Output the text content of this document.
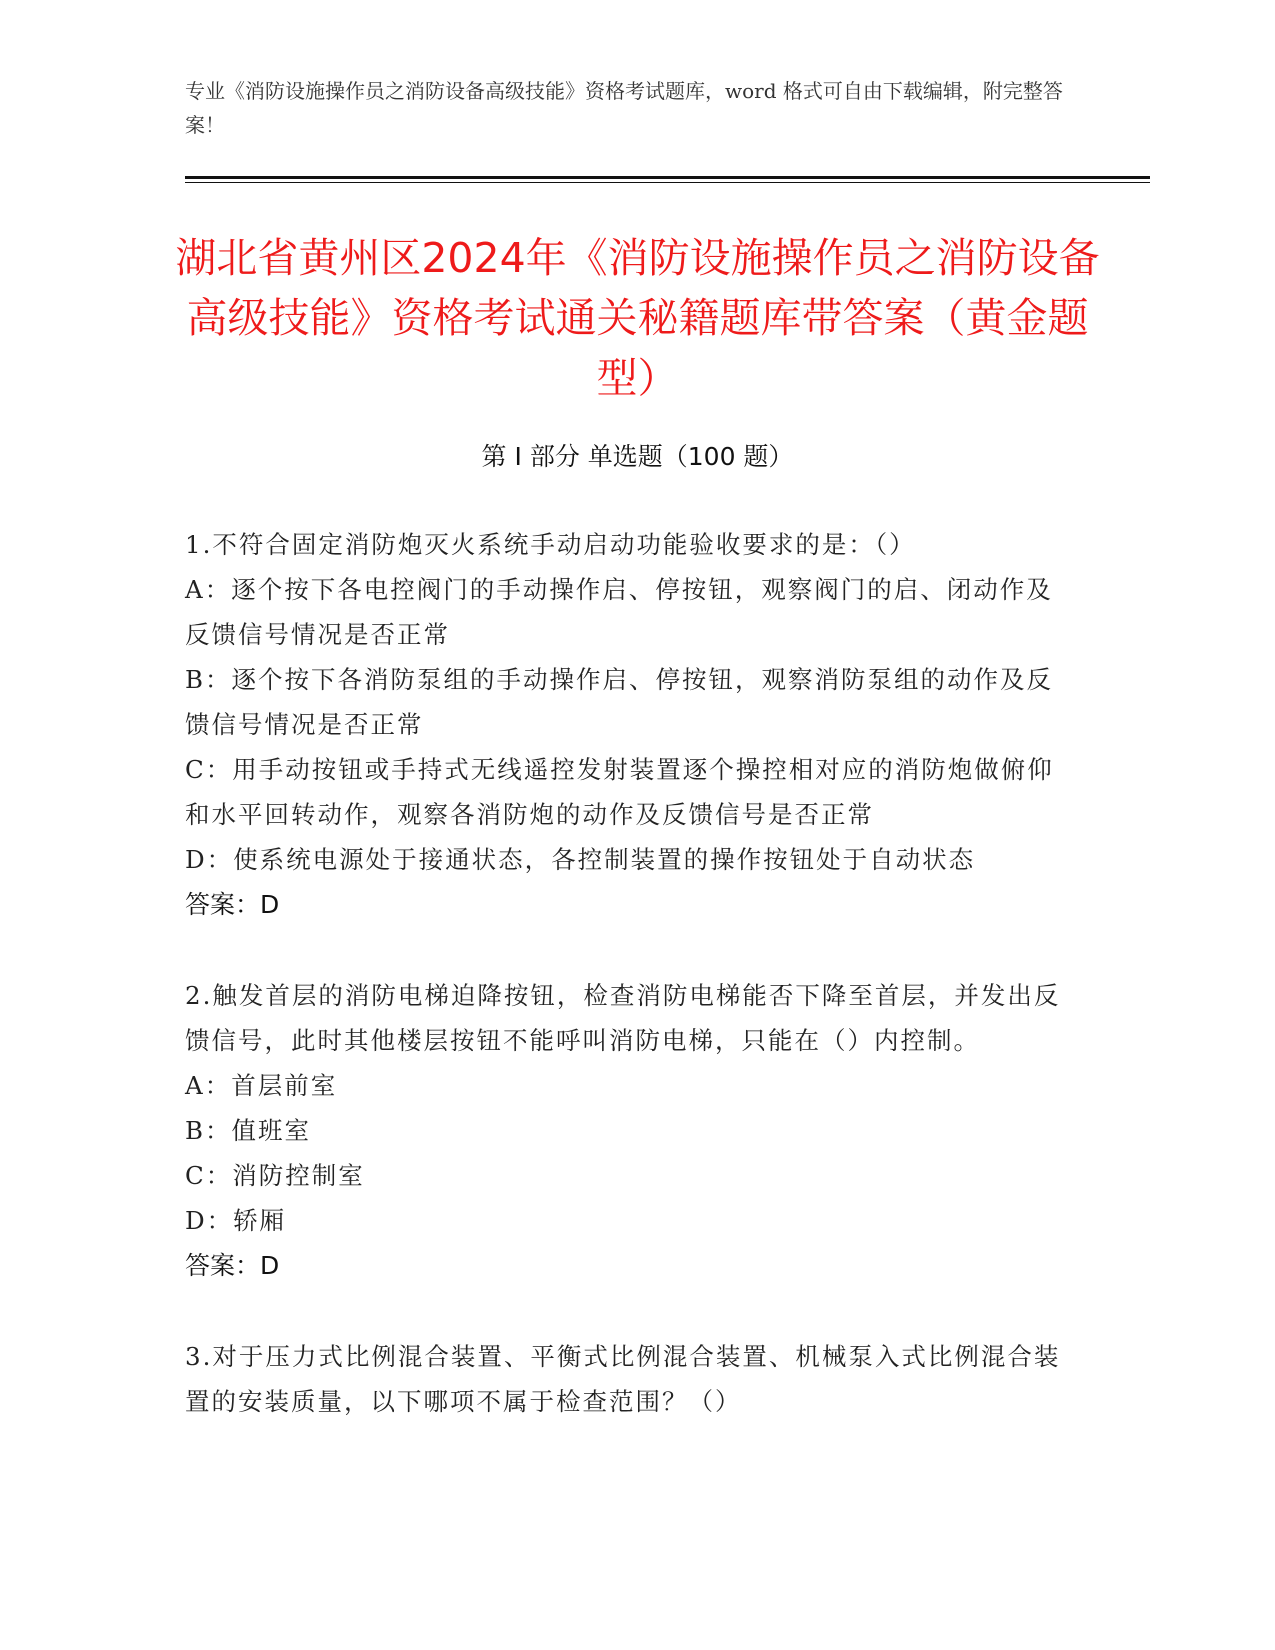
专业《消防设施操作员之消防设备高级技能》资格考试题库，word 格式可自由下载编辑，附完整答案！
湖北省黄州区2024年《消防设施操作员之消防设备高级技能》资格考试通关秘籍题库带答案（黄金题型）
第 I 部分 单选题（100 题）
1.不符合固定消防炮灭火系统手动启动功能验收要求的是：（）
A：逐个按下各电控阀门的手动操作启、停按钮，观察阀门的启、闭动作及反馈信号情况是否正常
B：逐个按下各消防泵组的手动操作启、停按钮，观察消防泵组的动作及反馈信号情况是否正常
C：用手动按钮或手持式无线遥控发射装置逐个操控相对应的消防炮做俯仰和水平回转动作，观察各消防炮的动作及反馈信号是否正常
D：使系统电源处于接通状态，各控制装置的操作按钮处于自动状态
答案：D
2.触发首层的消防电梯迫降按钮，检查消防电梯能否下降至首层，并发出反馈信号，此时其他楼层按钮不能呼叫消防电梯，只能在（）内控制。
A：首层前室
B：值班室
C：消防控制室
D：轿厢
答案：D
3.对于压力式比例混合装置、平衡式比例混合装置、机械泵入式比例混合装置的安装质量，以下哪项不属于检查范围？（）
